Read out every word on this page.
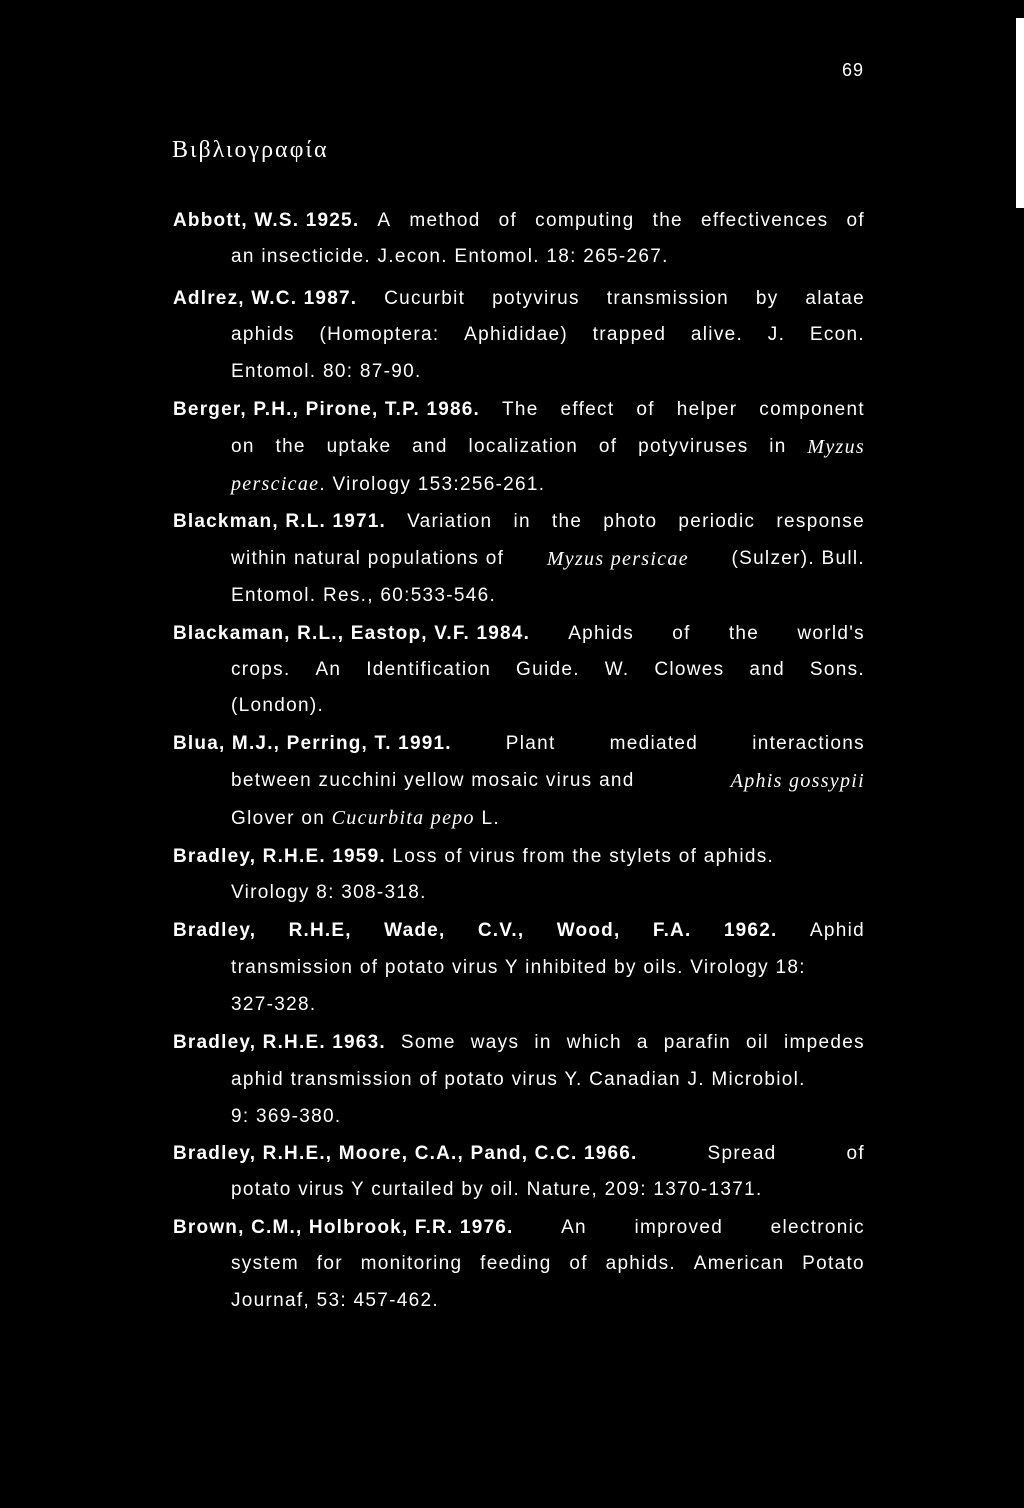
69
Βιβλιογραφία
Abbott, W.S. 1925. A method of computing the effectivences of
an insecticide. J.econ. Entomol. 18: 265-267.
Adlrez, W.C. 1987. Cucurbit potyvirus transmission by alatae
aphids (Homoptera: Aphididae) trapped alive. J. Econ.
Entomol. 80: 87-90.
Berger, P.H., Pirone, T.P. 1986. The effect of helper component
on the uptake and localization of potyviruses in Myzus
perscicae. Virology 153:256-261.
Blackman, R.L. 1971. Variation in the photo periodic response
within natural populations of Myzus persicae (Sulzer). Bull.
Entomol. Res., 60:533-546.
Blackaman, R.L., Eastop, V.F. 1984. Aphids of the world's
crops. An Identification Guide. W. Clowes and Sons.
(London).
Blua, M.J., Perring, T. 1991.	Plant	mediated	interactions
between zucchini yellow mosaic virus and	Aphis gossypii
Glover on Cucurbita pepo L.
Bradley, R.H.E. 1959. Loss of virus from the stylets of aphids.
Virology 8: 308-318.
Bradley, R.H.E, Wade, C.V., Wood, F.A. 1962. Aphid
transmission of potato virus Y inhibited by oils. Virology 18:
327-328.
Bradley, R.H.E. 1963. Some ways in which a parafin oil impedes
aphid transmission of potato virus Y. Canadian J. Microbiol.
9: 369-380.
Bradley, R.H.E., Moore, C.A., Pand, C.C. 1966.	Spread	of
potato virus Y curtailed by oil. Nature, 209: 1370-1371.
Brown, C.M., Holbrook, F.R. 1976.	An	improved	electronic
system for monitoring feeding of aphids. American Potato
Journaf, 53: 457-462.
